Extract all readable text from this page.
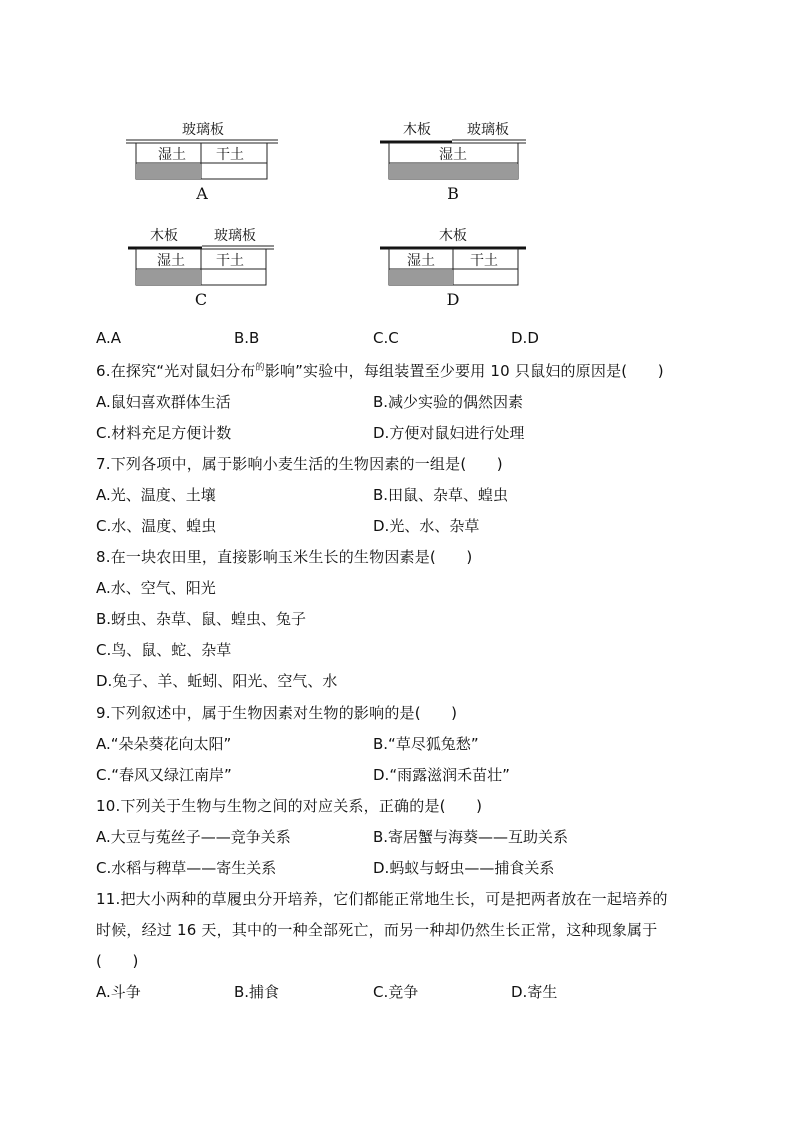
玻璃板
湿土 干土
A
木板	玻璃板
湿土
B
木板	玻璃板
湿土 干土
C
木板
湿土	干土
D
A.A	B.B	C.C	D.D
6.在探究“光对鼠妇分布$^的$影响”实验中，每组装置至少要用 10 只鼠妇的原因是(　　)
A.鼠妇喜欢群体生活	B.减少实验的偶然因素
C.材料充足方便计数	D.方便对鼠妇进行处理
7.下列各项中，属于影响小麦生活的生物因素的一组是(　　)
A.光、温度、土壤	B.田鼠、杂草、蝗虫
C.水、温度、蝗虫	D.光、水、杂草
8.在一块农田里，直接影响玉米生长的生物因素是(　　)
A.水、空气、阳光
B.蚜虫、杂草、鼠、蝗虫、兔子
C.鸟、鼠、蛇、杂草
D.兔子、羊、蚯蚓、阳光、空气、水
9.下列叙述中，属于生物因素对生物的影响的是(　　)
A.“朵朵葵花向太阳”	B.“草尽狐兔愁”
C.“春风又绿江南岸”	D.“雨露滋润禾苗壮”
10.下列关于生物与生物之间的对应关系，正确的是(　　)
A.大豆与菟丝子——竞争关系	B.寄居蟹与海葵——互助关系
C.水稻与稗草——寄生关系	D.蚂蚁与蚜虫——捕食关系
11.把大小两种的草履虫分开培养，它们都能正常地生长，可是把两者放在一起培养的
时候，经过 16 天，其中的一种全部死亡，而另一种却仍然生长正常，这种现象属于
(　　)
A.斗争	B.捕食	C.竞争	D.寄生
